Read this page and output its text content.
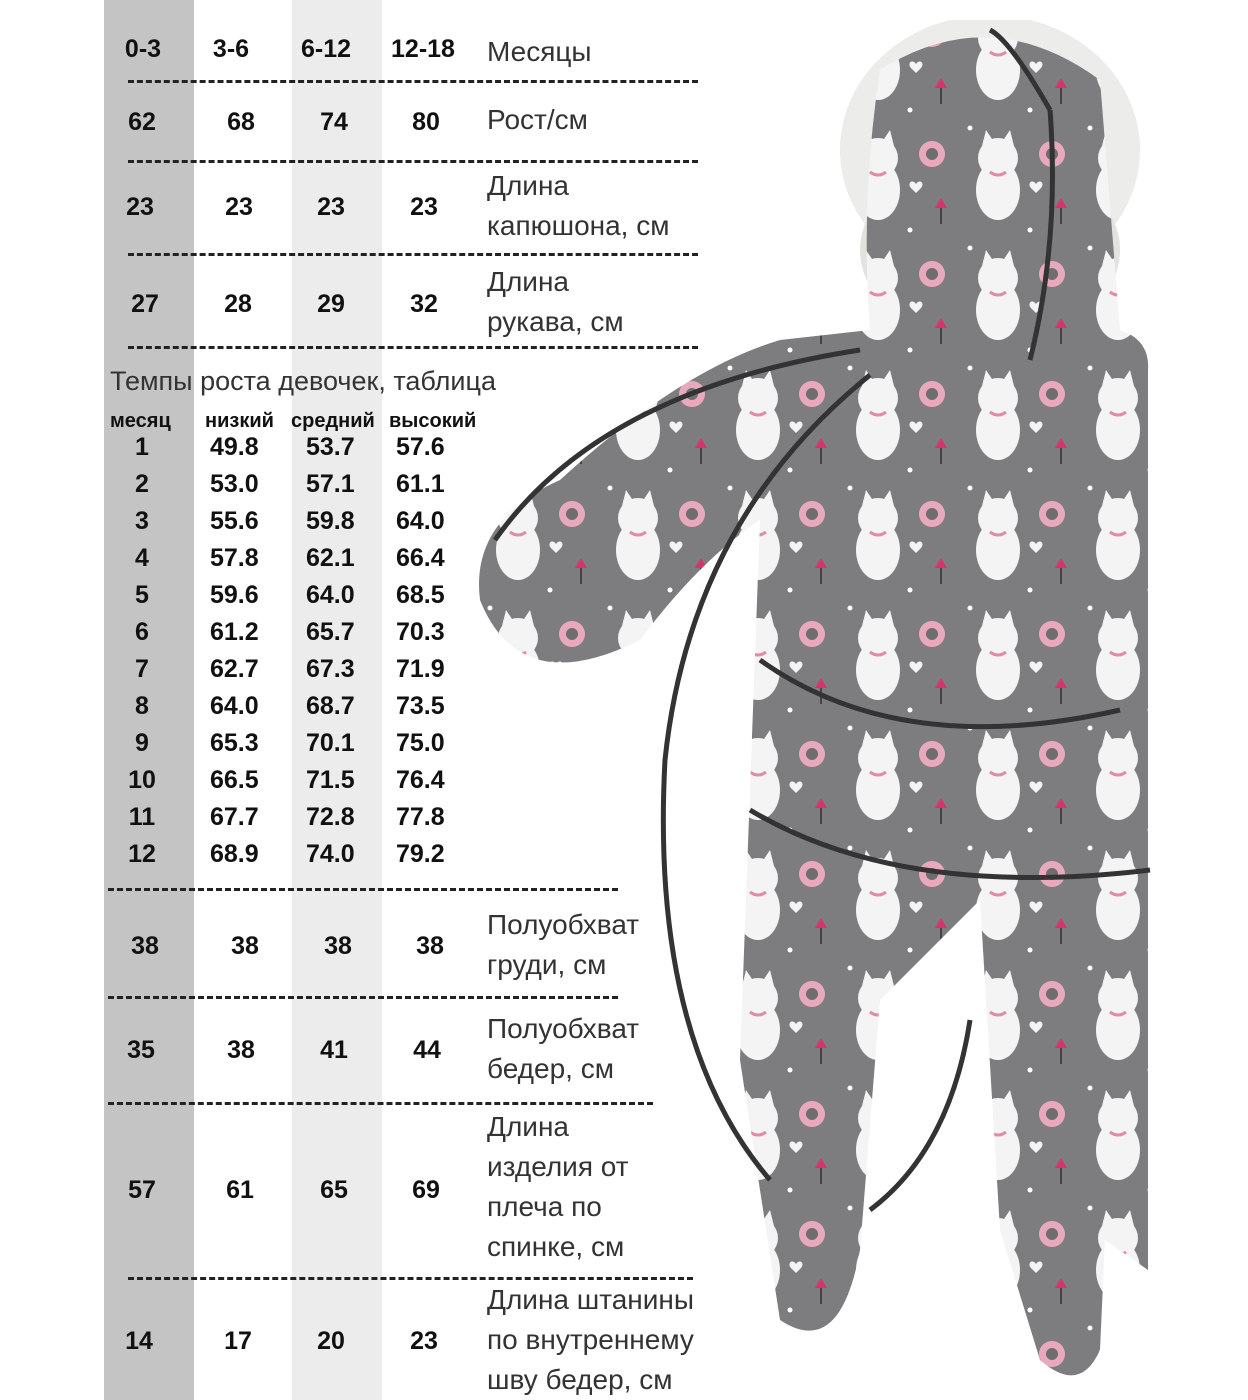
0-3	3-6	6-12	12-18 Месяцы
62	68	74	80	Рост/см
23	23	23	23
Длина
капюшона, см
27	28	29	32
Длина
рукава, см
Темпы роста девочек, таблица
месяц низкий средний высокий
1	49.8	53.7	57.6
2	53.0	57.1	61.1
3	55.6	59.8	64.0
4	57.8	62.1	66.4
5	59.6	64.0	68.5
6	61.2	65.7	70.3
7	62.7	67.3	71.9
8	64.0	68.7	73.5
9	65.3	70.1	75.0
10	66.5	71.5	76.4
11	67.7	72.8	77.8
12	68.9	74.0	79.2
38	38	38	38
Полуобхват
груди, см
35	38	41	44
Полуобхват
бедер, см
57	61	65	69
Длина
изделия от
плеча по
спинке, см
14	17	20	23
Длина штанины
по внутреннему
шву бедер, см
